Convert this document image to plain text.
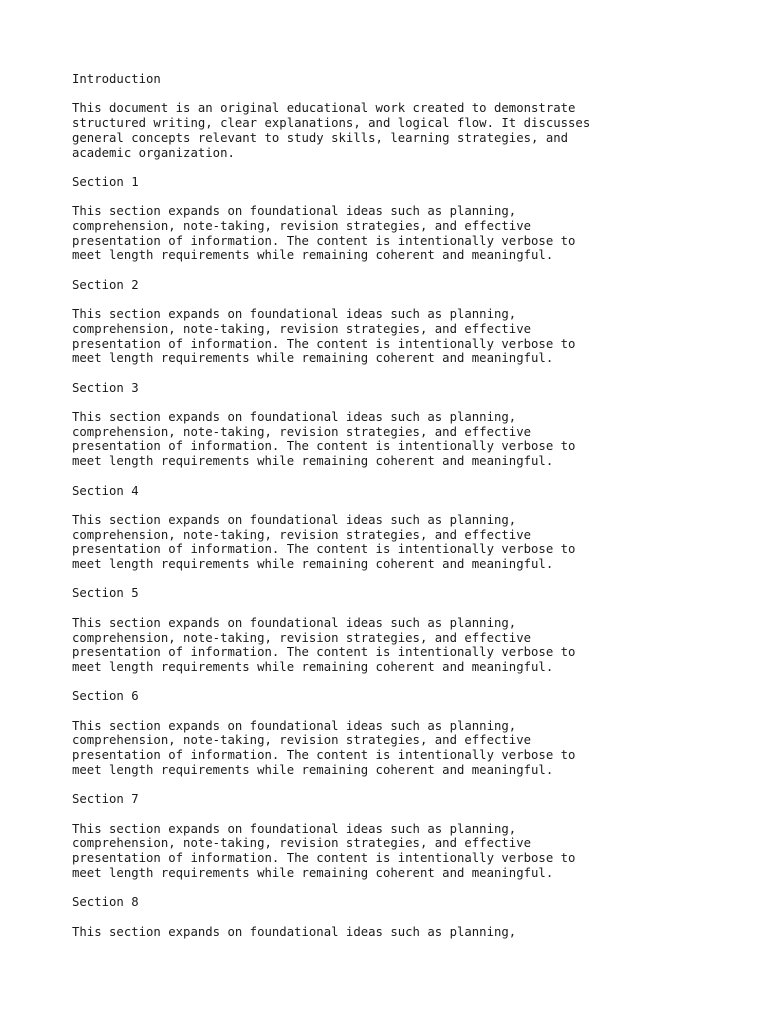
Introduction
This document is an original educational work created to demonstrate
structured writing, clear explanations, and logical flow. It discusses
general concepts relevant to study skills, learning strategies, and
academic organization.
Section 1
This section expands on foundational ideas such as planning,
comprehension, note-taking, revision strategies, and effective
presentation of information. The content is intentionally verbose to
meet length requirements while remaining coherent and meaningful.
Section 2
This section expands on foundational ideas such as planning,
comprehension, note-taking, revision strategies, and effective
presentation of information. The content is intentionally verbose to
meet length requirements while remaining coherent and meaningful.
Section 3
This section expands on foundational ideas such as planning,
comprehension, note-taking, revision strategies, and effective
presentation of information. The content is intentionally verbose to
meet length requirements while remaining coherent and meaningful.
Section 4
This section expands on foundational ideas such as planning,
comprehension, note-taking, revision strategies, and effective
presentation of information. The content is intentionally verbose to
meet length requirements while remaining coherent and meaningful.
Section 5
This section expands on foundational ideas such as planning,
comprehension, note-taking, revision strategies, and effective
presentation of information. The content is intentionally verbose to
meet length requirements while remaining coherent and meaningful.
Section 6
This section expands on foundational ideas such as planning,
comprehension, note-taking, revision strategies, and effective
presentation of information. The content is intentionally verbose to
meet length requirements while remaining coherent and meaningful.
Section 7
This section expands on foundational ideas such as planning,
comprehension, note-taking, revision strategies, and effective
presentation of information. The content is intentionally verbose to
meet length requirements while remaining coherent and meaningful.
Section 8
This section expands on foundational ideas such as planning,
